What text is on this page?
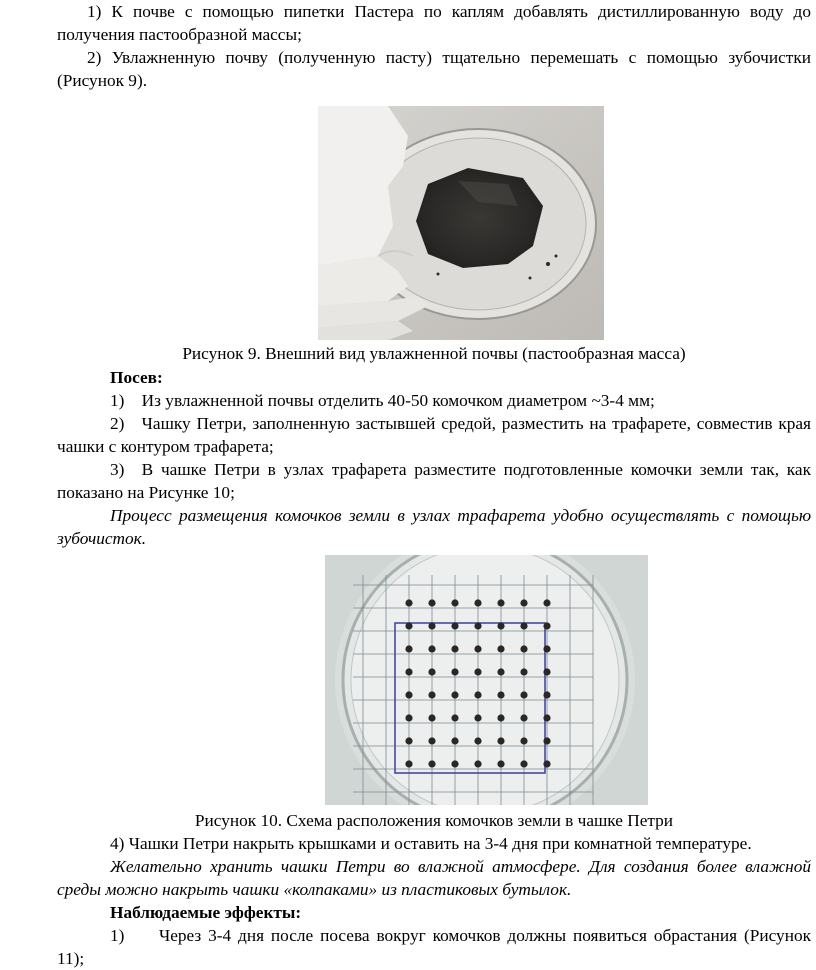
1) К почве с помощью пипетки Пастера по каплям добавлять дистиллированную воду до получения пастообразной массы;

2) Увлажненную почву (полученную пасту) тщательно перемешать с помощью зубочистки (Рисунок 9).

Рисунок 9. Внешний вид увлажненной почвы (пастообразная масса)

Посев:

1) Из увлажненной почвы отделить 40-50 комочком диаметром ~3-4 мм;

2) Чашку Петри, заполненную застывшей средой, разместить на трафарете, совместив края чашки с контуром трафарета;

3) В чашке Петри в узлах трафарета разместите подготовленные комочки земли так, как показано на Рисунке 10;

Процесс размещения комочков земли в узлах трафарета удобно осуществлять с помощью зубочисток.

Рисунок 10. Схема расположения комочков земли в чашке Петри

4) Чашки Петри накрыть крышками и оставить на 3-4 дня при комнатной температуре.

Желательно хранить чашки Петри во влажной атмосфере. Для создания более влажной среды можно накрыть чашки «колпаками» из пластиковых бутылок.

Наблюдаемые эффекты:

1)  Через 3-4 дня после посева вокруг комочков должны появиться обрастания (Рисунок 11);
